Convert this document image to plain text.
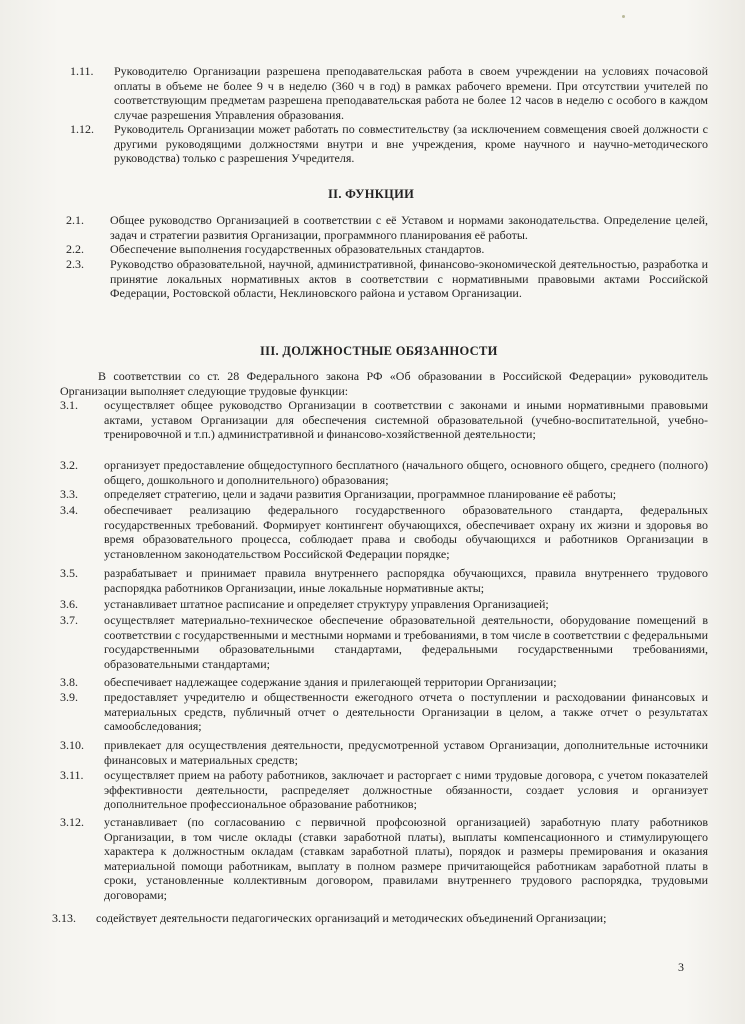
1.11. Руководителю Организации разрешена преподавательская работа в своем учреждении на условиях почасовой оплаты в объеме не более 9 ч в неделю (360 ч в год) в рамках рабочего времени. При отсутствии учителей по соответствующим предметам разрешена преподавательская работа не более 12 часов в неделю с особого в каждом случае разрешения Управления образования.
1.12. Руководитель Организации может работать по совместительству (за исключением совмещения своей должности с другими руководящими должностями внутри и вне учреждения, кроме научного и научно-методического руководства) только с разрешения Учредителя.
II. ФУНКЦИИ
2.1. Общее руководство Организацией в соответствии с её Уставом и нормами законодательства. Определение целей, задач и стратегии развития Организации, программного планирования её работы.
2.2. Обеспечение выполнения государственных образовательных стандартов.
2.3. Руководство образовательной, научной, административной, финансово-экономической деятельностью, разработка и принятие локальных нормативных актов в соответствии с нормативными правовыми актами Российской Федерации, Ростовской области, Неклиновского района и уставом Организации.
III. ДОЛЖНОСТНЫЕ ОБЯЗАННОСТИ
В соответствии со ст. 28 Федерального закона РФ «Об образовании в Российской Федерации» руководитель Организации выполняет следующие трудовые функции:
3.1. осуществляет общее руководство Организации в соответствии с законами и иными нормативными правовыми актами, уставом Организации для обеспечения системной образовательной (учебно-воспитательной, учебно-тренировочной и т.п.) административной и финансово-хозяйственной деятельности;
3.2. организует предоставление общедоступного бесплатного (начального общего, основного общего, среднего (полного) общего, дошкольного и дополнительного) образования;
3.3. определяет стратегию, цели и задачи развития Организации, программное планирование её работы;
3.4. обеспечивает реализацию федерального государственного образовательного стандарта, федеральных государственных требований. Формирует контингент обучающихся, обеспечивает охрану их жизни и здоровья во время образовательного процесса, соблюдает права и свободы обучающихся и работников Организации в установленном законодательством Российской Федерации порядке;
3.5. разрабатывает и принимает правила внутреннего распорядка обучающихся, правила внутреннего трудового распорядка работников Организации, иные локальные нормативные акты;
3.6. устанавливает штатное расписание и определяет структуру управления Организацией;
3.7. осуществляет материально-техническое обеспечение образовательной деятельности, оборудование помещений в соответствии с государственными и местными нормами и требованиями, в том числе в соответствии с федеральными государственными образовательными стандартами, федеральными государственными требованиями, образовательными стандартами;
3.8. обеспечивает надлежащее содержание здания и прилегающей территории Организации;
3.9. предоставляет учредителю и общественности ежегодного отчета о поступлении и расходовании финансовых и материальных средств, публичный отчет о деятельности Организации в целом, а также отчет о результатах самообследования;
3.10. привлекает для осуществления деятельности, предусмотренной уставом Организации, дополнительные источники финансовых и материальных средств;
3.11. осуществляет прием на работу работников, заключает и расторгает с ними трудовые договора, с учетом показателей эффективности деятельности, распределяет должностные обязанности, создает условия и организует дополнительное профессиональное образование работников;
3.12. устанавливает (по согласованию с первичной профсоюзной организацией) заработную плату работников Организации, в том числе оклады (ставки заработной платы), выплаты компенсационного и стимулирующего характера к должностным окладам (ставкам заработной платы), порядок и размеры премирования и оказания материальной помощи работникам, выплату в полном размере причитающейся работникам заработной платы в сроки, установленные коллективным договором, правилами внутреннего трудового распорядка, трудовыми договорами;
3.13. содействует деятельности педагогических организаций и методических объединений Организации;
3
